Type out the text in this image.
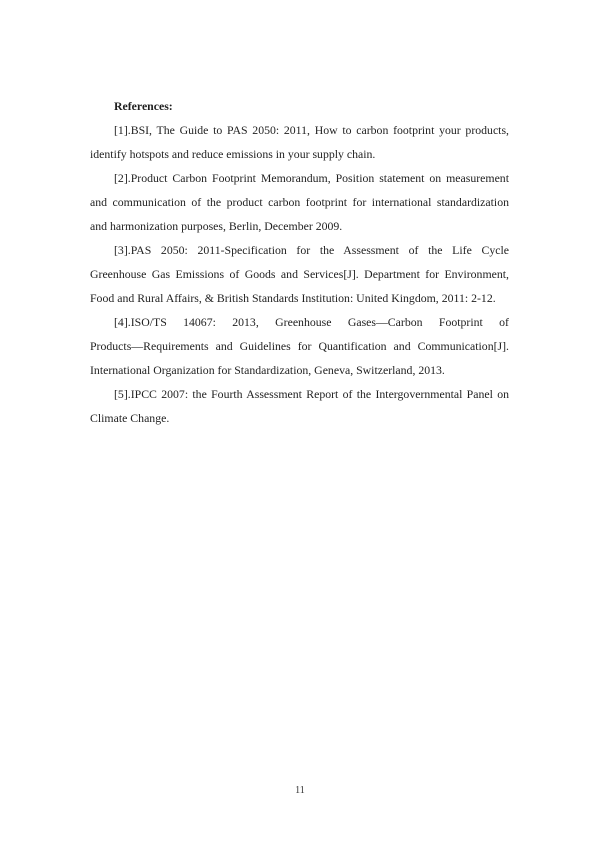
References:
[1].BSI, The Guide to PAS 2050: 2011, How to carbon footprint your products,
identify hotspots and reduce emissions in your supply chain.
[2].Product Carbon Footprint Memorandum, Position statement on measurement
and communication of the product carbon footprint for international standardization
and harmonization purposes, Berlin, December 2009.
[3].PAS 2050: 2011-Specification for the Assessment of the Life Cycle
Greenhouse Gas Emissions of Goods and Services[J]. Department for Environment,
Food and Rural Affairs, & British Standards Institution: United Kingdom, 2011: 2-12.
[4].ISO/TS 14067: 2013, Greenhouse Gases—Carbon Footprint of
Products—Requirements and Guidelines for Quantification and Communication[J].
International Organization for Standardization, Geneva, Switzerland, 2013.
[5].IPCC 2007: the Fourth Assessment Report of the Intergovernmental Panel on
Climate Change.
11
